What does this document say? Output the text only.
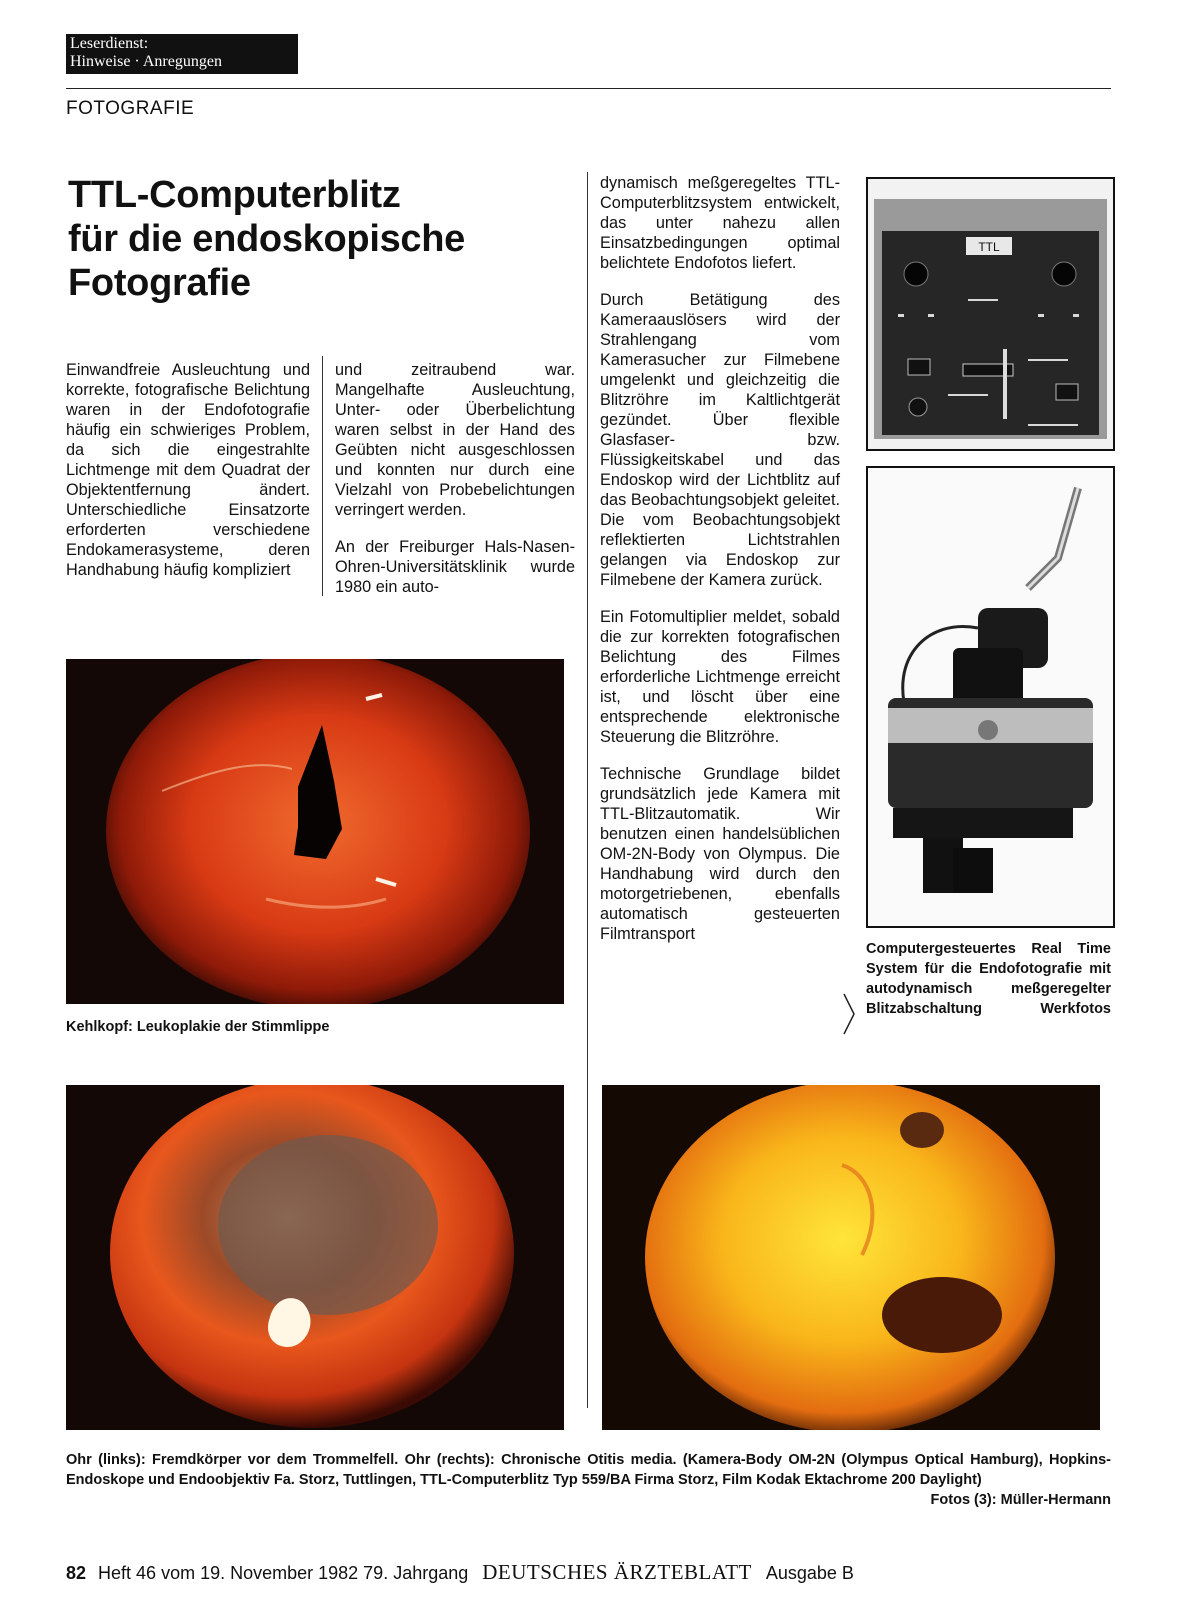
Leserdienst:
Hinweise · Anregungen
FOTOGRAFIE
TTL-Computerblitz
für die endoskopische
Fotografie

Einwandfreie Ausleuchtung und korrekte, fotografische Belichtung waren in der Endofotografie häufig ein schwieriges Problem, da sich die eingestrahlte Lichtmenge mit dem Quadrat der Objektentfernung ändert. Unterschiedliche Einsatzorte erforderten verschiedene Endokamerasysteme, deren Handhabung häufig kompliziert

und zeitraubend war. Mangelhafte Ausleuchtung, Unter- oder Überbelichtung waren selbst in der Hand des Geübten nicht ausgeschlossen und konnten nur durch eine Vielzahl von Probebelichtungen verringert werden.

An der Freiburger Hals-Nasen-Ohren-Universitätsklinik wurde 1980 ein auto-

dynamisch meßgeregeltes TTL-Computerblitzsystem entwickelt, das unter nahezu allen Einsatzbedingungen optimal belichtete Endofotos liefert.

Durch Betätigung des Kameraauslösers wird der Strahlengang vom Kamerasucher zur Filmebene umgelenkt und gleichzeitig die Blitzröhre im Kaltlichtgerät gezündet. Über flexible Glasfaser- bzw. Flüssigkeitskabel und das Endoskop wird der Lichtblitz auf das Beobachtungsobjekt geleitet. Die vom Beobachtungsobjekt reflektierten Lichtstrahlen gelangen via Endoskop zur Filmebene der Kamera zurück.

Ein Fotomultiplier meldet, sobald die zur korrekten fotografischen Belichtung des Filmes erforderliche Lichtmenge erreicht ist, und löscht über eine entsprechende elektronische Steuerung die Blitzröhre.

Technische Grundlage bildet grundsätzlich jede Kamera mit TTL-Blitzautomatik. Wir benutzen einen handelsüblichen OM-2N-Body von Olympus. Die Handhabung wird durch den motorgetriebenen, ebenfalls automatisch gesteuerten Filmtransport

TTL
Kehlkopf: Leukoplakie der Stimmlippe
Computergesteuertes Real Time System für die Endofotografie mit autodynamisch meßgeregelter Blitzabschaltung	Werkfotos
Ohr (links): Fremdkörper vor dem Trommelfell. Ohr (rechts): Chronische Otitis media. (Kamera-Body OM-2N (Olympus Optical Hamburg), Hopkins-Endoskope und Endoobjektiv Fa. Storz, Tuttlingen, TTL-Computerblitz Typ 559/BA Firma Storz, Film Kodak Ektachrome 200 Daylight)
Fotos (3): Müller-Hermann
82 Heft 46 vom 19. November 1982 79. Jahrgang DEUTSCHES ÄRZTEBLATT Ausgabe B
